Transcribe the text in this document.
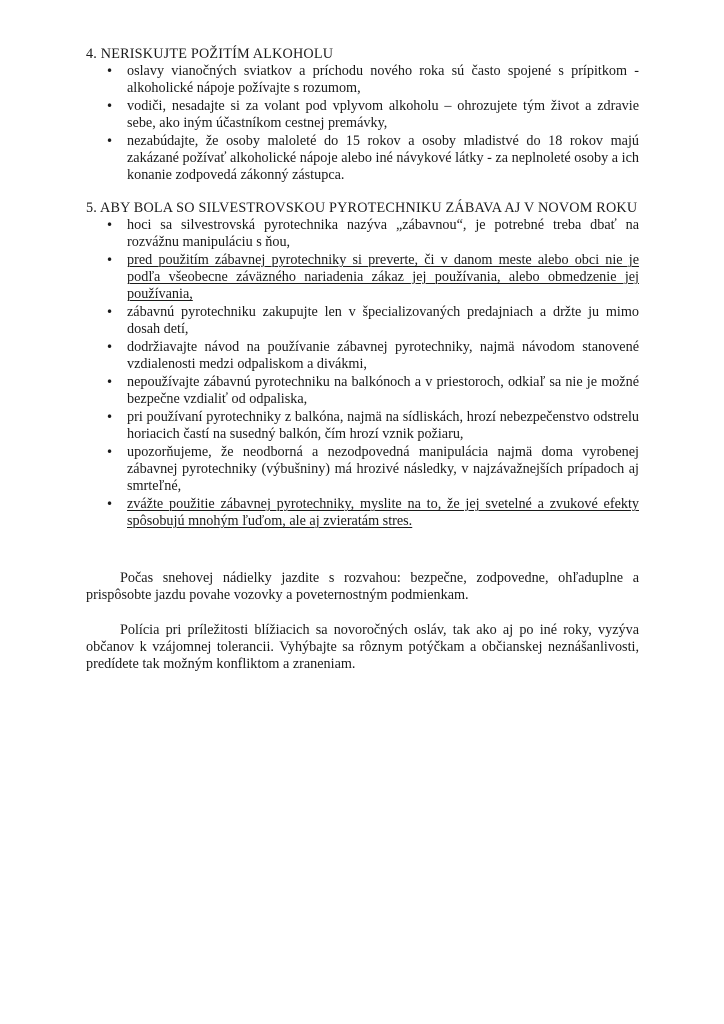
4. NERISKUJTE POŽITÍM ALKOHOLU

• oslavy vianočných sviatkov a príchodu nového roka sú často spojené s prípitkom - alkoholické nápoje požívajte s rozumom,
• vodiči, nesadajte si za volant pod vplyvom alkoholu – ohrozujete tým život a zdravie sebe, ako iným účastníkom cestnej premávky,
• nezabúdajte, že osoby maloleté do 15 rokov a osoby mladistvé do 18 rokov majú zakázané požívať alkoholické nápoje alebo iné návykové látky - za neplnoleté osoby a ich konanie zodpovedá zákonný zástupca.

5. ABY BOLA SO SILVESTROVSKOU PYROTECHNIKU ZÁBAVA AJ V NOVOM ROKU

• hoci sa silvestrovská pyrotechnika nazýva „zábavnou“, je potrebné treba dbať na rozvážnu manipuláciu s ňou,
• pred použitím zábavnej pyrotechniky si preverte, či v danom meste alebo obci nie je podľa všeobecne záväzného nariadenia zákaz jej používania, alebo obmedzenie jej používania,
• zábavnú pyrotechniku zakupujte len v špecializovaných predajniach a držte ju mimo dosah detí,
• dodržiavajte návod na používanie zábavnej pyrotechniky, najmä návodom stanovené vzdialenosti medzi odpaliskom a divákmi,
• nepoužívajte zábavnú pyrotechniku na balkónoch a v priestoroch, odkiaľ sa nie je možné bezpečne vzdialiť od odpaliska,
• pri používaní pyrotechniky z balkóna, najmä na sídliskách, hrozí nebezpečenstvo odstrelu horiacich častí na susedný balkón, čím hrozí vznik požiaru,
• upozorňujeme, že neodborná a nezodpovedná manipulácia najmä doma vyrobenej zábavnej pyrotechniky (výbušniny) má hrozivé následky, v najzávažnejších prípadoch aj smrteľné,
• zvážte použitie zábavnej pyrotechniky, myslite na to, že jej svetelné a zvukové efekty spôsobujú mnohým ľuďom, ale aj zvieratám stres.

Počas snehovej nádielky jazdite s rozvahou: bezpečne, zodpovedne, ohľaduplne a prispôsobte jazdu povahe vozovky a poveternostným podmienkam.

Polícia pri príležitosti blížiacich sa novoročných osláv, tak ako aj po iné roky, vyzýva občanov k vzájomnej tolerancii. Vyhýbajte sa rôznym potýčkam a občianskej neznášanlivosti, predídete tak možným konfliktom a zraneniam.
